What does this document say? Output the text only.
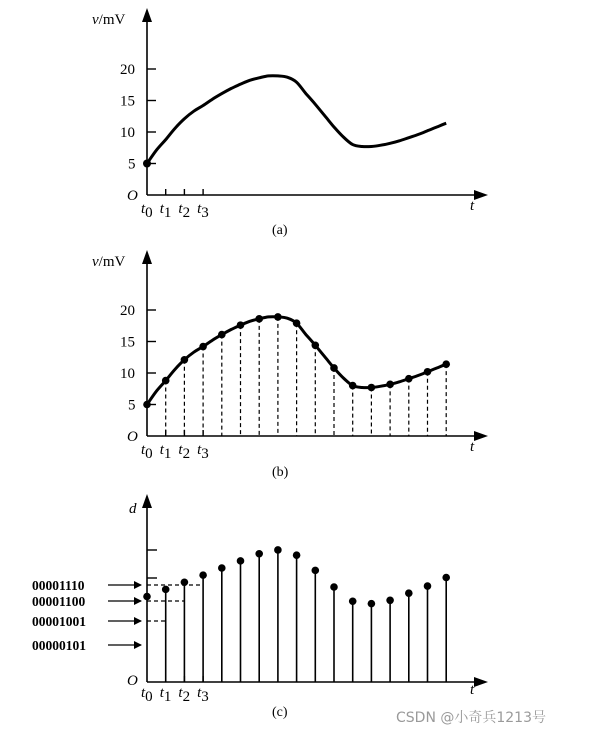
v/mV
20
15
10
5
O
t
t0 t1 t2 t3
(a)
v/mV
20
15
10
5
O
t
t0 t1 t2 t3
(b)
d
O
t
t0 t1 t2 t3
00001110
00001100
00001001
00000101
(c)	CSDN @小奇兵1213号
